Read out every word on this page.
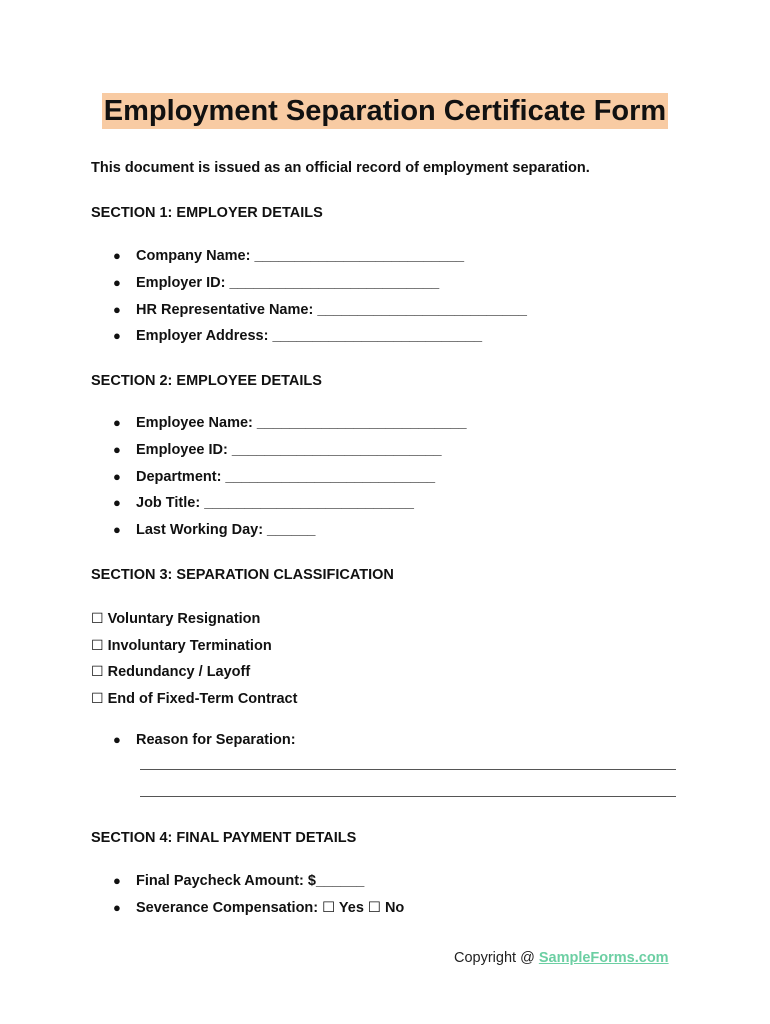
Employment Separation Certificate Form
This document is issued as an official record of employment separation.
SECTION 1: EMPLOYER DETAILS
● Company Name: __________________________
● Employer ID: __________________________
● HR Representative Name: __________________________
● Employer Address: __________________________
SECTION 2: EMPLOYEE DETAILS
● Employee Name: __________________________
● Employee ID: __________________________
● Department: __________________________
● Job Title: __________________________
● Last Working Day: ______
SECTION 3: SEPARATION CLASSIFICATION
☐ Voluntary Resignation
☐ Involuntary Termination
☐ Redundancy / Layoff
☐ End of Fixed-Term Contract
● Reason for Separation:
SECTION 4: FINAL PAYMENT DETAILS
● Final Paycheck Amount: $______
● Severance Compensation: ☐ Yes ☐ No
Copyright @ SampleForms.com
